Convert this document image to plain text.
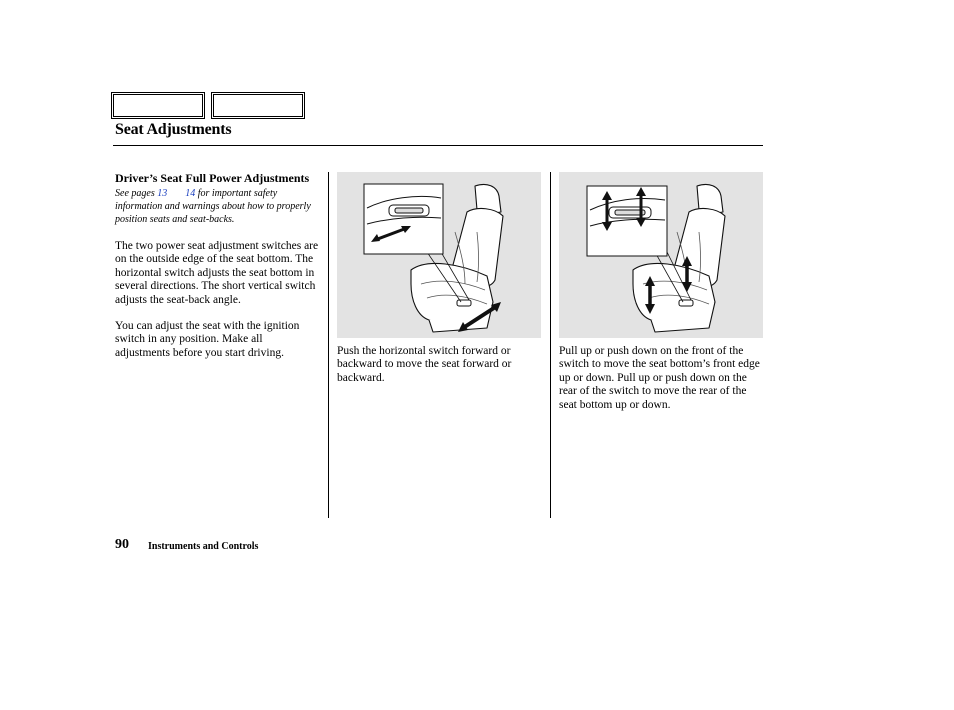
Seat Adjustments

Driver’s Seat Full Power Adjustments

See pages 13 14 for important safety information and warnings about how to properly position seats and seat-backs.

The two power seat adjustment switches are on the outside edge of the seat bottom. The horizontal switch adjusts the seat bottom in several directions. The short vertical switch adjusts the seat-back angle.

You can adjust the seat with the ignition switch in any position. Make all adjustments before you start driving.	Push the horizontal switch forward or backward to move the seat forward or backward.

Pull up or push down on the front of the switch to move the seat bottom’s front edge up or down. Pull up or push down on the rear of the switch to move the rear of the seat bottom up or down.

90 Instruments and Controls
